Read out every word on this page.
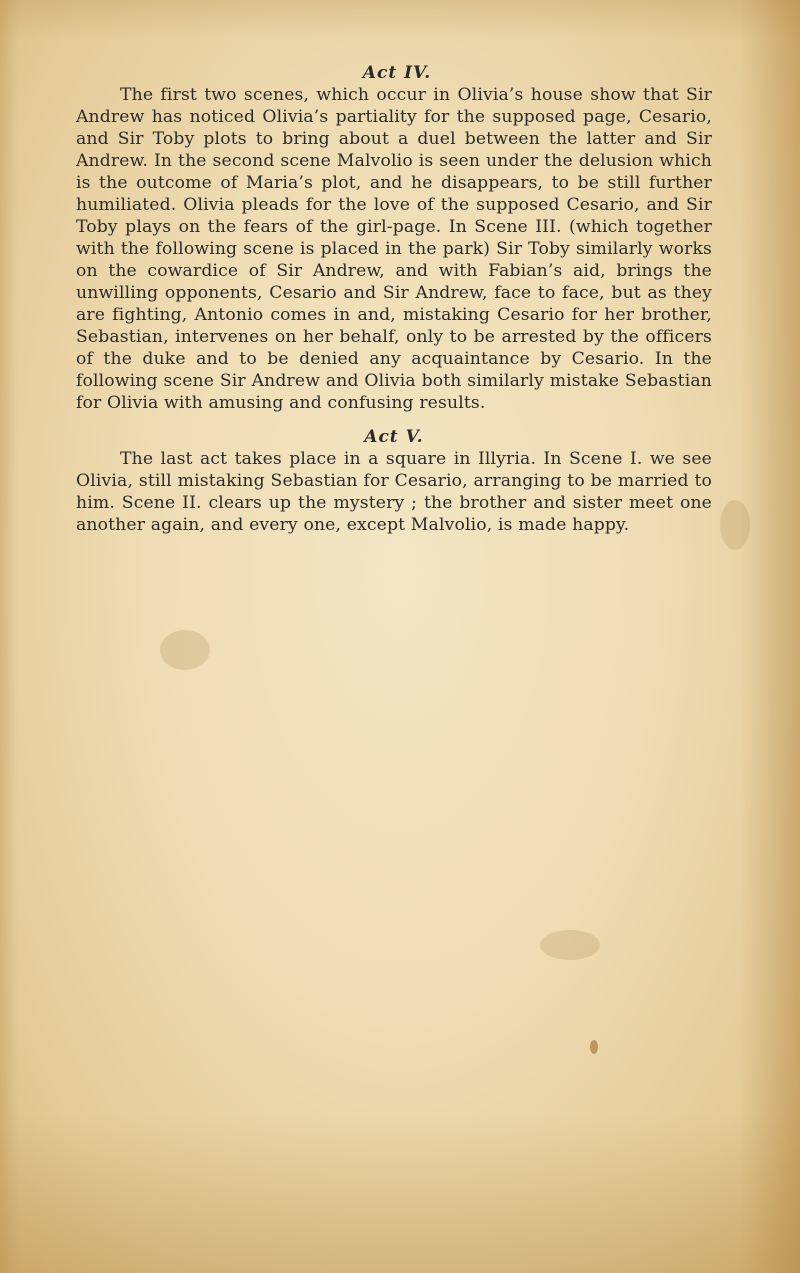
Act IV.

The first two scenes, which occur in Olivia’s house show that Sir Andrew has noticed Olivia’s partiality for the supposed page, Cesario, and Sir Toby plots to bring about a duel between the latter and Sir Andrew. In the second scene Malvolio is seen under the delusion which is the outcome of Maria’s plot, and he disappears, to be still further humiliated. Olivia pleads for the love of the supposed Cesario, and Sir Toby plays on the fears of the girl-page. In Scene III. (which together with the following scene is placed in the park) Sir Toby similarly works on the cowardice of Sir Andrew, and with Fabian’s aid, brings the unwilling opponents, Cesario and Sir Andrew, face to face, but as they are fighting, Antonio comes in and, mistaking Cesario for her brother, Sebastian, intervenes on her behalf, only to be arrested by the officers of the duke and to be denied any acquaintance by Cesario. In the following scene Sir Andrew and Olivia both similarly mistake Sebastian for Olivia with amusing and confusing results.

Act V.

The last act takes place in a square in Illyria. In Scene I. we see Olivia, still mistaking Sebastian for Cesario, arranging to be married to him. Scene II. clears up the mystery ; the brother and sister meet one another again, and every one, except Malvolio, is made happy.
